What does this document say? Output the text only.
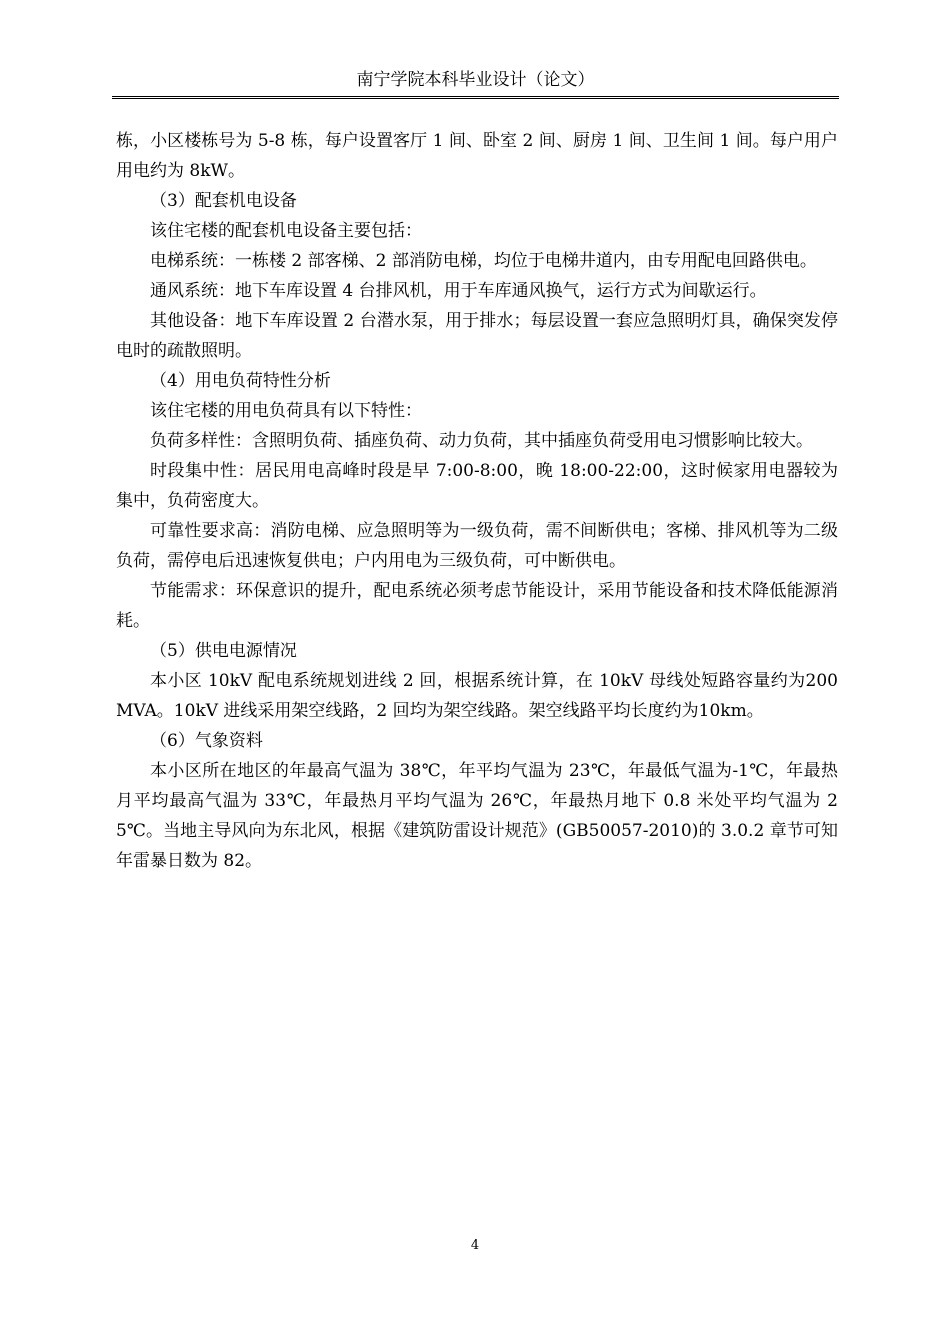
南宁学院本科毕业设计（论文）

栋，小区楼栋号为 5-8 栋，每户设置客厅 1 间、卧室 2 间、厨房 1 间、卫生间 1 间。每户用户用电约为 8kW。

（3）配套机电设备

该住宅楼的配套机电设备主要包括：

电梯系统：一栋楼 2 部客梯、2 部消防电梯，均位于电梯井道内，由专用配电回路供电。

通风系统：地下车库设置 4 台排风机，用于车库通风换气，运行方式为间歇运行。

其他设备：地下车库设置 2 台潜水泵，用于排水；每层设置一套应急照明灯具，确保突发停电时的疏散照明。

（4）用电负荷特性分析

该住宅楼的用电负荷具有以下特性：

负荷多样性：含照明负荷、插座负荷、动力负荷，其中插座负荷受用电习惯影响比较大。

时段集中性：居民用电高峰时段是早 7:00-8:00，晚 18:00-22:00，这时候家用电器较为集中，负荷密度大。

可靠性要求高：消防电梯、应急照明等为一级负荷，需不间断供电；客梯、排风机等为二级负荷，需停电后迅速恢复供电；户内用电为三级负荷，可中断供电。

节能需求：环保意识的提升，配电系统必须考虑节能设计，采用节能设备和技术降低能源消耗。

（5）供电电源情况

本小区 10kV 配电系统规划进线 2 回，根据系统计算，在 10kV 母线处短路容量约为200MVA。10kV 进线采用架空线路，2 回均为架空线路。架空线路平均长度约为10km。

（6）气象资料

本小区所在地区的年最高气温为 38℃，年平均气温为 23℃，年最低气温为-1℃，年最热月平均最高气温为 33℃，年最热月平均气温为 26℃，年最热月地下 0.8 米处平均气温为 25℃。当地主导风向为东北风，根据《建筑防雷设计规范》(GB50057-2010)的 3.0.2 章节可知年雷暴日数为 82。

4
